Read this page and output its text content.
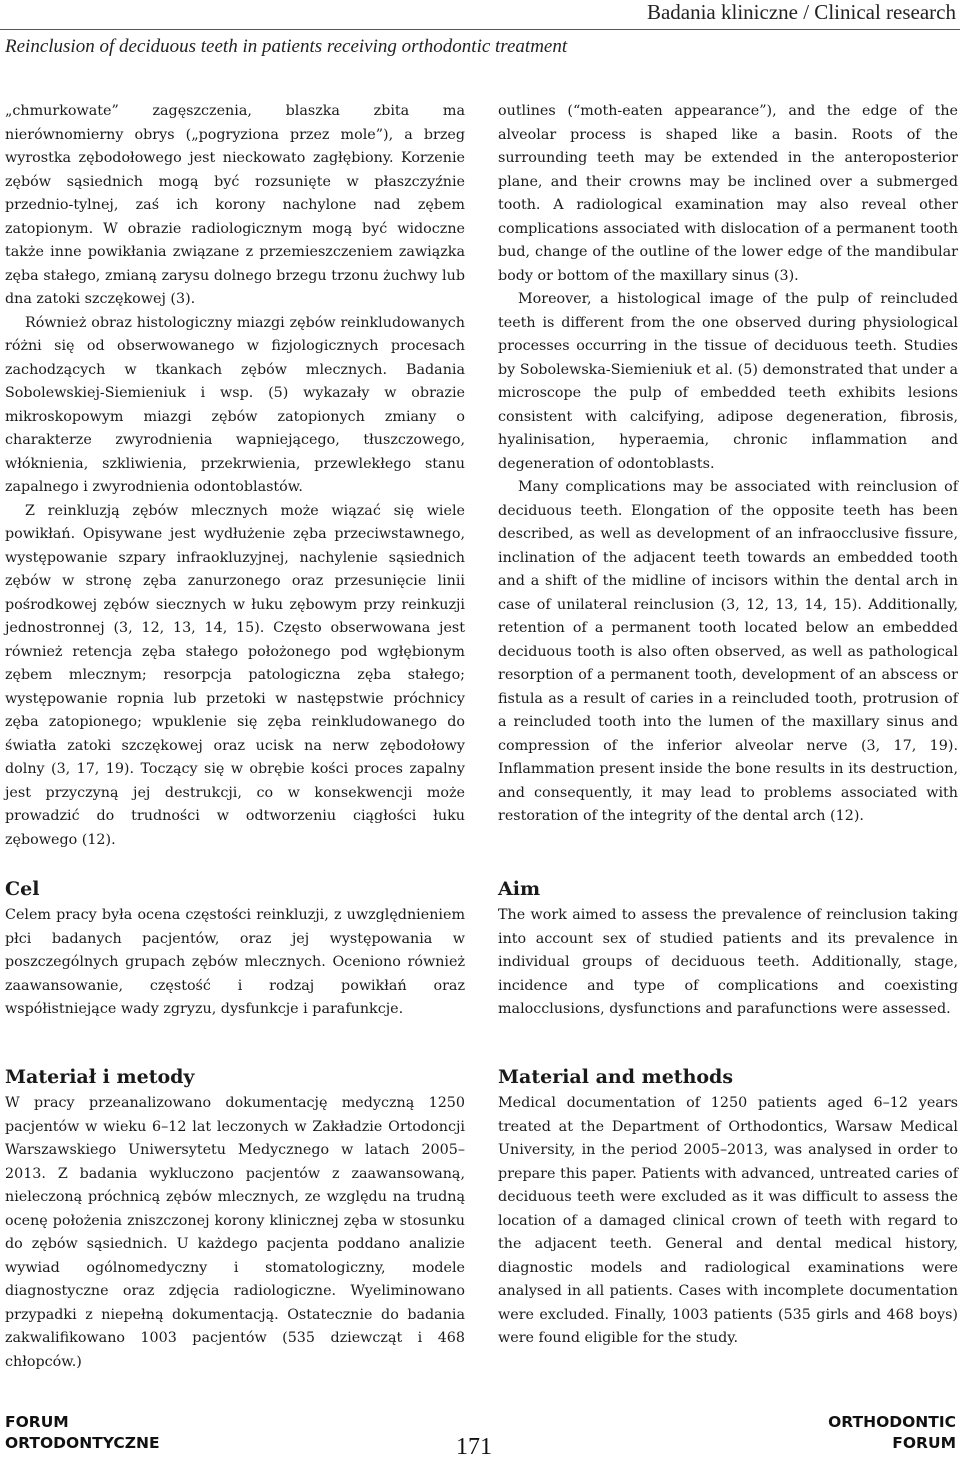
Badania kliniczne / Clinical research
Reinclusion of deciduous teeth in patients receiving orthodontic treatment

„chmurkowate” zagęszczenia, blaszka zbita ma nierównomierny obrys („pogryziona przez mole”), a brzeg wyrostka zębodołowego jest nieckowato zagłębiony. Korzenie zębów sąsiednich mogą być rozsunięte w płaszczyźnie przednio-tylnej, zaś ich korony nachylone nad zębem zatopionym. W obrazie radiologicznym mogą być widoczne także inne powikłania związane z przemieszczeniem zawiązka zęba stałego, zmianą zarysu dolnego brzegu trzonu żuchwy lub dna zatoki szczękowej (3).

Również obraz histologiczny miazgi zębów reinkludowanych różni się od obserwowanego w fizjologicznych procesach zachodzących w tkankach zębów mlecznych. Badania Sobolewskiej-Siemieniuk i wsp. (5) wykazały w obrazie mikroskopowym miazgi zębów zatopionych zmiany o charakterze zwyrodnienia wapniejącego, tłuszczowego, włóknienia, szkliwienia, przekrwienia, przewlekłego stanu zapalnego i zwyrodnienia odontoblastów.

Z reinkluzją zębów mlecznych może wiązać się wiele powikłań. Opisywane jest wydłużenie zęba przeciwstawnego, występowanie szpary infraokluzyjnej, nachylenie sąsiednich zębów w stronę zęba zanurzonego oraz przesunięcie linii pośrodkowej zębów siecznych w łuku zębowym przy reinkuzji jednostronnej (3, 12, 13, 14, 15). Często obserwowana jest również retencja zęba stałego położonego pod wgłębionym zębem mlecznym; resorpcja patologiczna zęba stałego; występowanie ropnia lub przetoki w następstwie próchnicy zęba zatopionego; wpuklenie się zęba reinkludowanego do światła zatoki szczękowej oraz ucisk na nerw zębodołowy dolny (3, 17, 19). Toczący się w obrębie kości proces zapalny jest przyczyną jej destrukcji, co w konsekwencji może prowadzić do trudności w odtworzeniu ciągłości łuku zębowego (12).

outlines (“moth-eaten appearance”), and the edge of the alveolar process is shaped like a basin. Roots of the surrounding teeth may be extended in the anteroposterior plane, and their crowns may be inclined over a submerged tooth. A radiological examination may also reveal other complications associated with dislocation of a permanent tooth bud, change of the outline of the lower edge of the mandibular body or bottom of the maxillary sinus (3).

Moreover, a histological image of the pulp of reincluded teeth is different from the one observed during physiological processes occurring in the tissue of deciduous teeth. Studies by Sobolewska-Siemieniuk et al. (5) demonstrated that under a microscope the pulp of embedded teeth exhibits lesions consistent with calcifying, adipose degeneration, fibrosis, hyalinisation, hyperaemia, chronic inflammation and degeneration of odontoblasts.

Many complications may be associated with reinclusion of deciduous teeth. Elongation of the opposite teeth has been described, as well as development of an infraocclusive fissure, inclination of the adjacent teeth towards an embedded tooth and a shift of the midline of incisors within the dental arch in case of unilateral reinclusion (3, 12, 13, 14, 15). Additionally, retention of a permanent tooth located below an embedded deciduous tooth is also often observed, as well as pathological resorption of a permanent tooth, development of an abscess or fistula as a result of caries in a reincluded tooth, protrusion of a reincluded tooth into the lumen of the maxillary sinus and compression of the inferior alveolar nerve (3, 17, 19). Inflammation present inside the bone results in its destruction, and consequently, it may lead to problems associated with restoration of the integrity of the dental arch (12).

Cel

Celem pracy była ocena częstości reinkluzji, z uwzględnieniem płci badanych pacjentów, oraz jej występowania w poszczególnych grupach zębów mlecznych. Oceniono również zaawansowanie, częstość i rodzaj powikłań oraz współistniejące wady zgryzu, dysfunkcje i parafunkcje.

Aim

The work aimed to assess the prevalence of reinclusion taking into account sex of studied patients and its prevalence in individual groups of deciduous teeth. Additionally, stage, incidence and type of complications and coexisting malocclusions, dysfunctions and parafunctions were assessed.

Materiał i metody

W pracy przeanalizowano dokumentację medyczną 1250 pacjentów w wieku 6–12 lat leczonych w Zakładzie Ortodoncji Warszawskiego Uniwersytetu Medycznego w latach 2005–2013. Z badania wykluczono pacjentów z zaawansowaną, nieleczoną próchnicą zębów mlecznych, ze względu na trudną ocenę położenia zniszczonej korony klinicznej zęba w stosunku do zębów sąsiednich. U każdego pacjenta poddano analizie wywiad ogólnomedyczny i stomatologiczny, modele diagnostyczne oraz zdjęcia radiologiczne. Wyeliminowano przypadki z niepełną dokumentacją. Ostatecznie do badania zakwalifikowano 1003 pacjentów (535 dziewcząt i 468 chłopców.)

Material and methods

Medical documentation of 1250 patients aged 6–12 years treated at the Department of Orthodontics, Warsaw Medical University, in the period 2005–2013, was analysed in order to prepare this paper. Patients with advanced, untreated caries of deciduous teeth were excluded as it was difficult to assess the location of a damaged clinical crown of teeth with regard to the adjacent teeth. General and dental medical history, diagnostic models and radiological examinations were analysed in all patients. Cases with incomplete documentation were excluded. Finally, 1003 patients (535 girls and 468 boys) were found eligible for the study.

FORUM
ORTODONTYCZNE	171
ORTHODONTIC
FORUM
